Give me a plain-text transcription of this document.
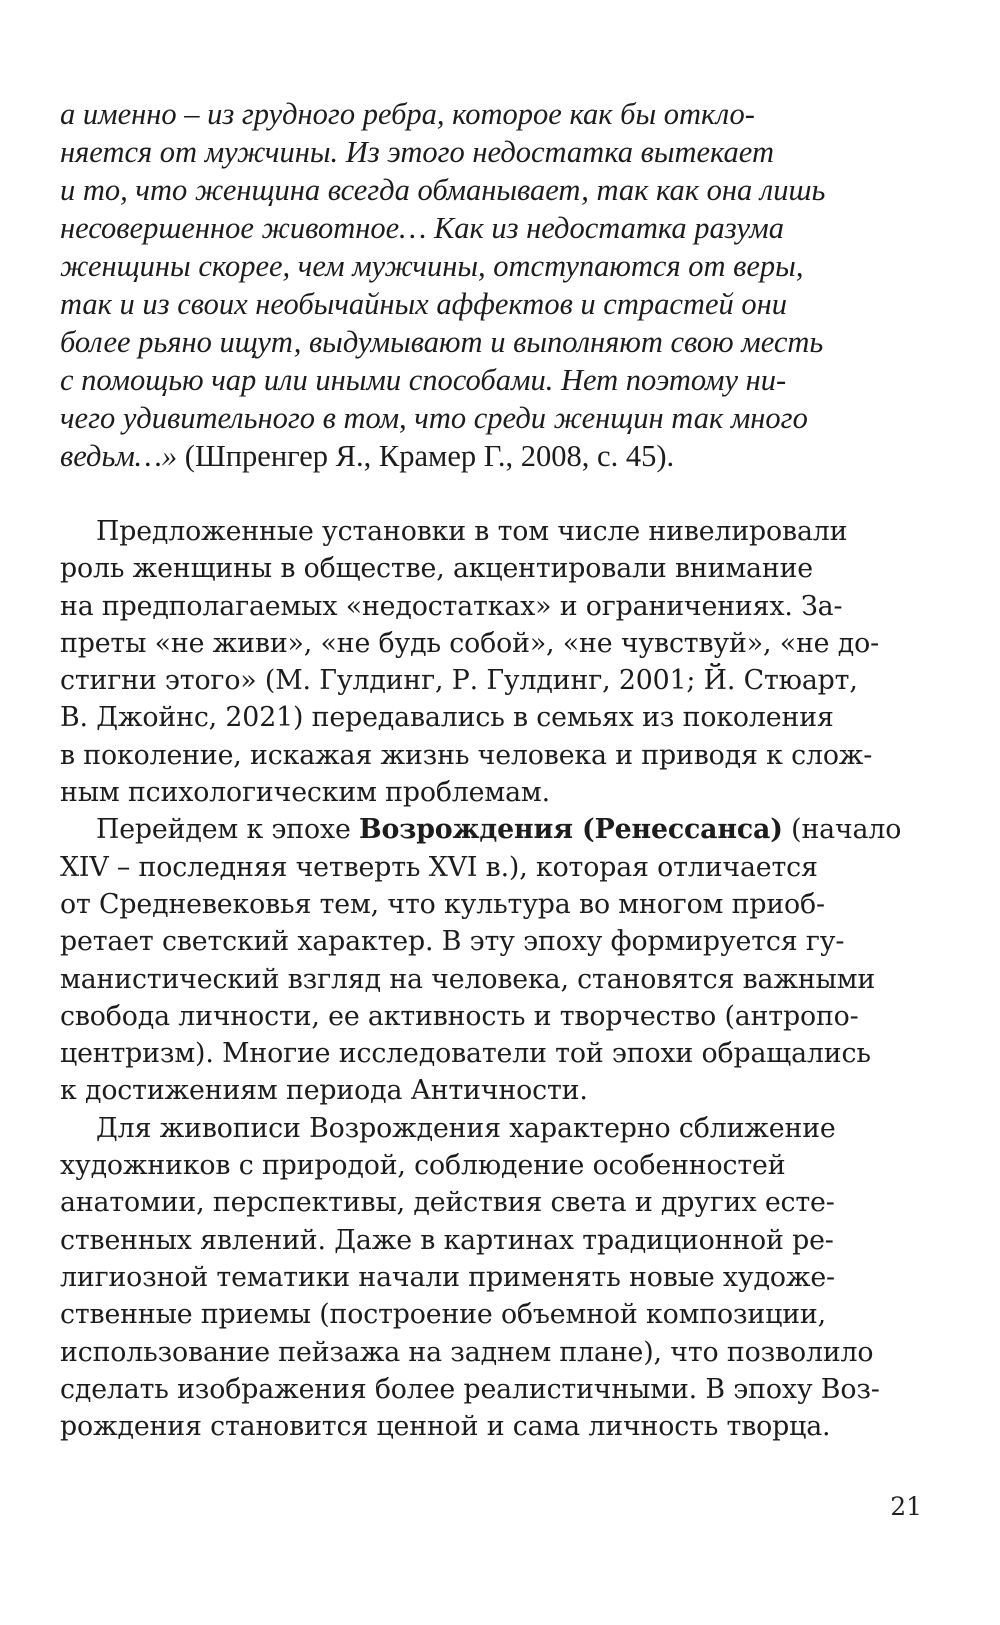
а именно – из грудного ребра, которое как бы откло-
няется от мужчины. Из этого недостатка вытекает
и то, что женщина всегда обманывает, так как она лишь
несовершенное животное… Как из недостатка разума
женщины скорее, чем мужчины, отступаются от веры,
так и из своих необычайных аффектов и страстей они
более рьяно ищут, выдумывают и выполняют свою месть
с помощью чар или иными способами. Нет поэтому ни-
чего удивительного в том, что среди женщин так много
ведьм…» (Шпренгер Я., Крамер Г., 2008, с. 45).
Предложенные установки в том числе нивелировали
роль женщины в обществе, акцентировали внимание
на предполагаемых «недостатках» и ограничениях. За-
преты «не живи», «не будь собой», «не чувствуй», «не до-
стигни этого» (М. Гулдинг, Р. Гулдинг, 2001; Й. Стюарт,
В. Джойнс, 2021) передавались в семьях из поколения
в поколение, искажая жизнь человека и приводя к слож-
ным психологическим проблемам.
Перейдем к эпохе Возрождения (Ренессанса) (начало
XIV – последняя четверть XVI в.), которая отличается
от Средневековья тем, что культура во многом приоб-
ретает светский характер. В эту эпоху формируется гу-
манистический взгляд на человека, становятся важными
свобода личности, ее активность и творчество (антропо-
центризм). Многие исследователи той эпохи обращались
к достижениям периода Античности.
Для живописи Возрождения характерно сближение
художников с природой, соблюдение особенностей
анатомии, перспективы, действия света и других есте-
ственных явлений. Даже в картинах традиционной ре-
лигиозной тематики начали применять новые художе-
ственные приемы (построение объемной композиции,
использование пейзажа на заднем плане), что позволило
сделать изображения более реалистичными. В эпоху Воз-
рождения становится ценной и сама личность творца.
21
